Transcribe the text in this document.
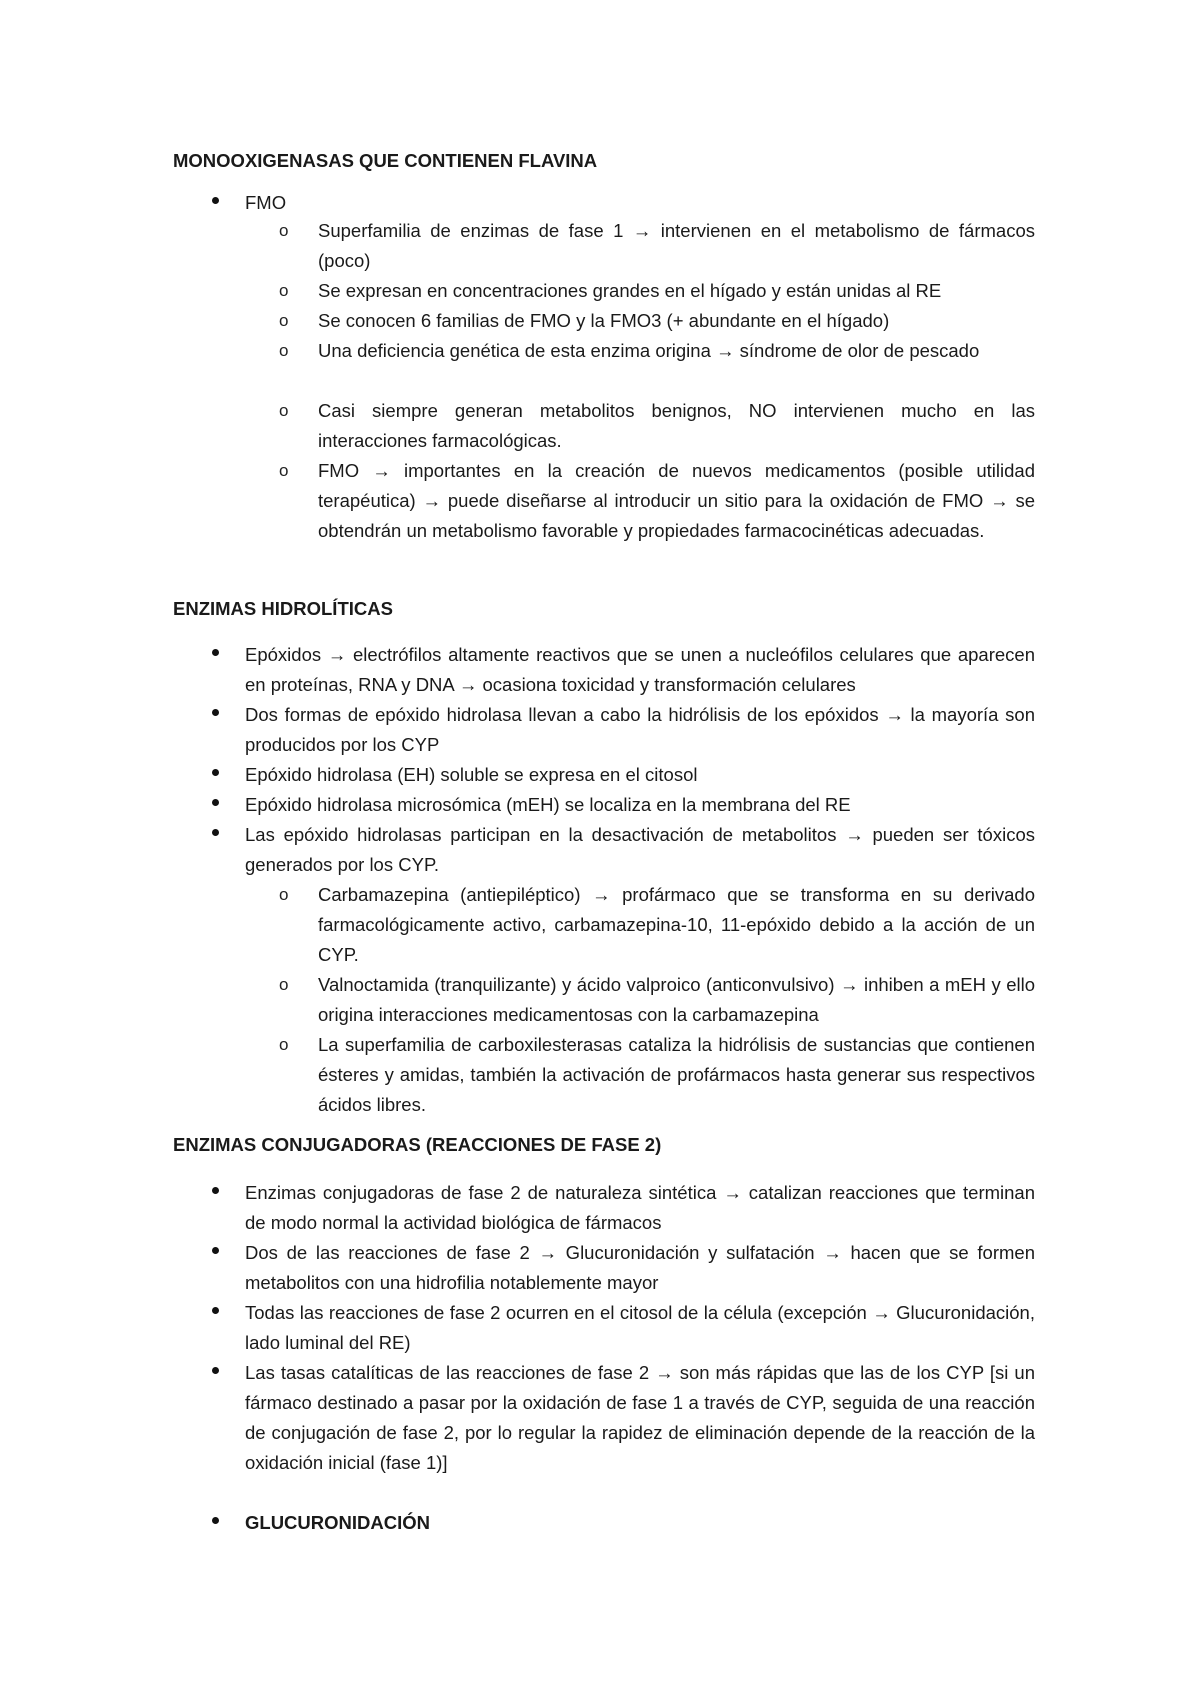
MONOOXIGENASAS QUE CONTIENEN FLAVINA
FMO
o Superfamilia de enzimas de fase 1 → intervienen en el metabolismo de fármacos (poco)
o Se expresan en concentraciones grandes en el hígado y están unidas al RE
o Se conocen 6 familias de FMO y la FMO3 (+ abundante en el hígado)
o Una deficiencia genética de esta enzima origina → síndrome de olor de pescado
o Casi siempre generan metabolitos benignos, NO intervienen mucho en las interacciones farmacológicas.
o FMO → importantes en la creación de nuevos medicamentos (posible utilidad terapéutica) → puede diseñarse al introducir un sitio para la oxidación de FMO → se obtendrán un metabolismo favorable y propiedades farmacocinéticas adecuadas.
ENZIMAS HIDROLÍTICAS
Epóxidos → electrófilos altamente reactivos que se unen a nucleófilos celulares que aparecen en proteínas, RNA y DNA → ocasiona toxicidad y transformación celulares
Dos formas de epóxido hidrolasa llevan a cabo la hidrólisis de los epóxidos → la mayoría son producidos por los CYP
Epóxido hidrolasa (EH) soluble se expresa en el citosol
Epóxido hidrolasa microsómica (mEH) se localiza en la membrana del RE
Las epóxido hidrolasas participan en la desactivación de metabolitos → pueden ser tóxicos generados por los CYP.
o Carbamazepina (antiepiléptico) → profármaco que se transforma en su derivado farmacológicamente activo, carbamazepina-10, 11-epóxido debido a la acción de un CYP.
o Valnoctamida (tranquilizante) y ácido valproico (anticonvulsivo) → inhiben a mEH y ello origina interacciones medicamentosas con la carbamazepina
o La superfamilia de carboxilesterasas cataliza la hidrólisis de sustancias que contienen ésteres y amidas, también la activación de profármacos hasta generar sus respectivos ácidos libres.
ENZIMAS CONJUGADORAS (REACCIONES DE FASE 2)
Enzimas conjugadoras de fase 2 de naturaleza sintética → catalizan reacciones que terminan de modo normal la actividad biológica de fármacos
Dos de las reacciones de fase 2 → Glucuronidación y sulfatación → hacen que se formen metabolitos con una hidrofilia notablemente mayor
Todas las reacciones de fase 2 ocurren en el citosol de la célula (excepción → Glucuronidación, lado luminal del RE)
Las tasas catalíticas de las reacciones de fase 2 → son más rápidas que las de los CYP [si un fármaco destinado a pasar por la oxidación de fase 1 a través de CYP, seguida de una reacción de conjugación de fase 2, por lo regular la rapidez de eliminación depende de la reacción de la oxidación inicial (fase 1)]
GLUCURONIDACIÓN
